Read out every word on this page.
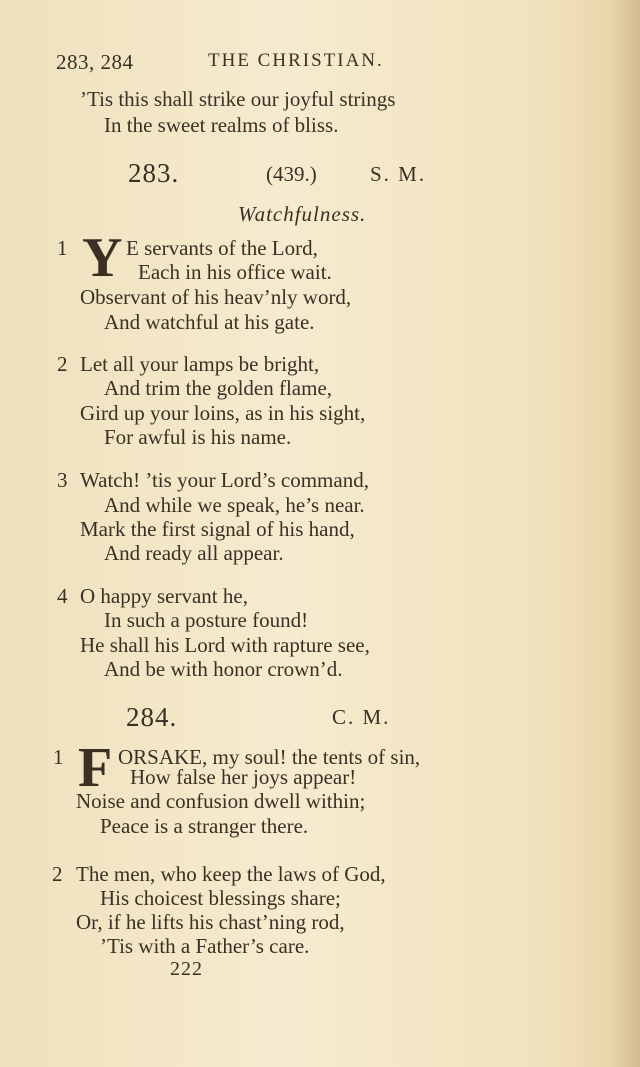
283, 284	THE CHRISTIAN.
’Tis this shall strike our joyful strings
In the sweet realms of bliss.
283.	(439.)	S. M.
Watchfulness.
1 Y E servants of the Lord,
Each in his office wait.
Observant of his heav’nly word,
And watchful at his gate.
2 Let all your lamps be bright,
And trim the golden flame,
Gird up your loins, as in his sight,
For awful is his name.
3 Watch! ’tis your Lord’s command,
And while we speak, he’s near.
Mark the first signal of his hand,
And ready all appear.
4 O happy servant he,
In such a posture found!
He shall his Lord with rapture see,
And be with honor crown’d.
284.	C. M.
1 F ORSAKE, my soul! the tents of sin,
How false her joys appear!
Noise and confusion dwell within;
Peace is a stranger there.
2 The men, who keep the laws of God,
His choicest blessings share;
Or, if he lifts his chast’ning rod,
’Tis with a Father’s care.
222
